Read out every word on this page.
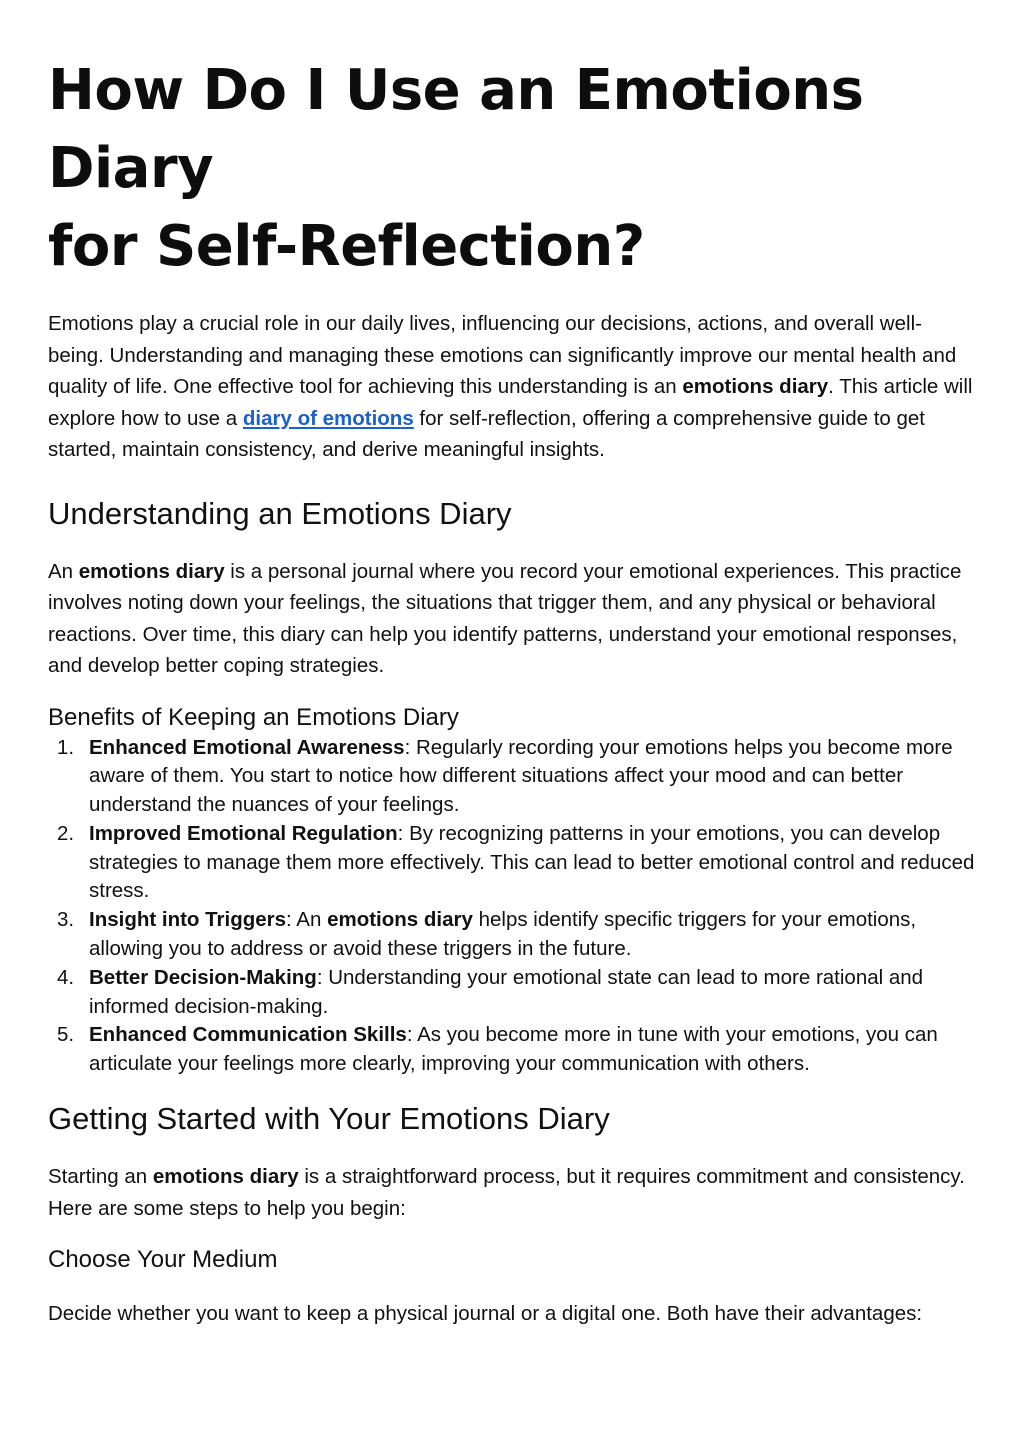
How Do I Use an Emotions Diary
for Self-Reflection?

Emotions play a crucial role in our daily lives, influencing our decisions, actions, and overall well-being. Understanding and managing these emotions can significantly improve our mental health and quality of life. One effective tool for achieving this understanding is an emotions diary. This article will explore how to use a diary of emotions for self-reflection, offering a comprehensive guide to get started, maintain consistency, and derive meaningful insights.

Understanding an Emotions Diary

An emotions diary is a personal journal where you record your emotional experiences. This practice involves noting down your feelings, the situations that trigger them, and any physical or behavioral reactions. Over time, this diary can help you identify patterns, understand your emotional responses, and develop better coping strategies.

Benefits of Keeping an Emotions Diary
1. Enhanced Emotional Awareness: Regularly recording your emotions helps you become more aware of them. You start to notice how different situations affect your mood and can better understand the nuances of your feelings.
2. Improved Emotional Regulation: By recognizing patterns in your emotions, you can develop strategies to manage them more effectively. This can lead to better emotional control and reduced stress.
3. Insight into Triggers: An emotions diary helps identify specific triggers for your emotions, allowing you to address or avoid these triggers in the future.
4. Better Decision-Making: Understanding your emotional state can lead to more rational and informed decision-making.
5. Enhanced Communication Skills: As you become more in tune with your emotions, you can articulate your feelings more clearly, improving your communication with others.
Getting Started with Your Emotions Diary

Starting an emotions diary is a straightforward process, but it requires commitment and consistency. Here are some steps to help you begin:

Choose Your Medium

Decide whether you want to keep a physical journal or a digital one. Both have their advantages:
